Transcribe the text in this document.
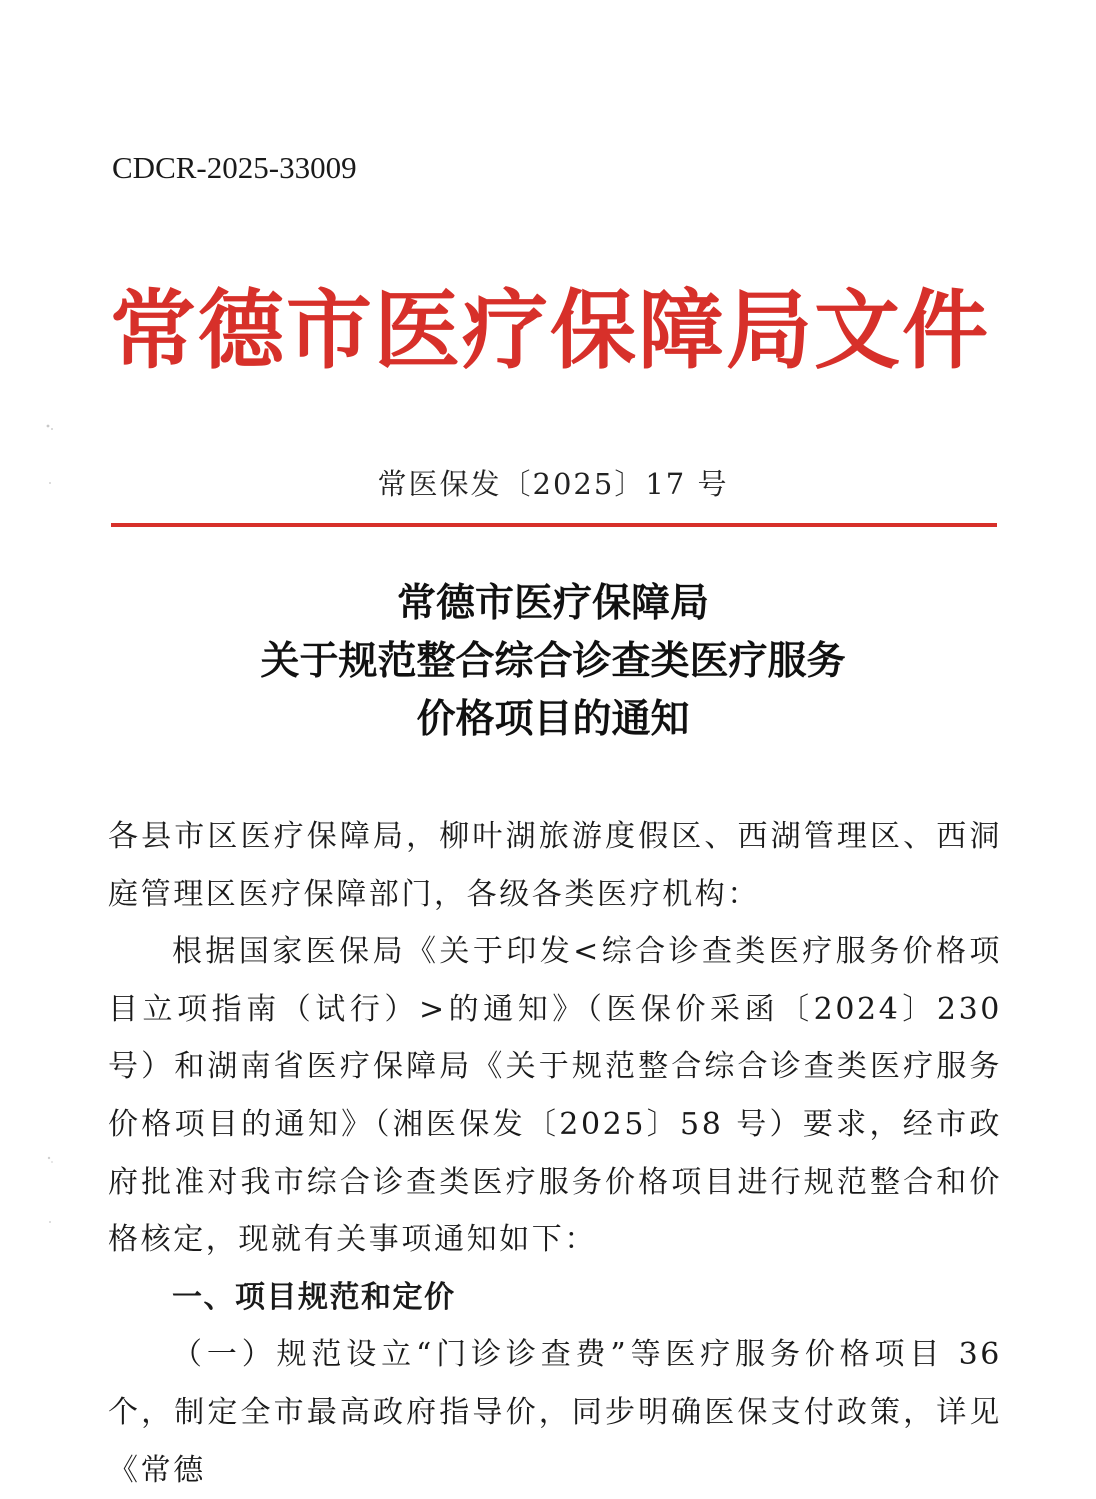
CDCR-2025-33009
常德市医疗保障局文件
常医保发〔2025〕17 号
常德市医疗保障局
关于规范整合综合诊查类医疗服务
价格项目的通知

各县市区医疗保障局，柳叶湖旅游度假区、西湖管理区、西洞庭管理区医疗保障部门，各级各类医疗机构：

根据国家医保局《关于印发<综合诊查类医疗服务价格项目立项指南（试行）>的通知》（医保价采函〔2024〕230 号）和湖南省医疗保障局《关于规范整合综合诊查类医疗服务价格项目的通知》（湘医保发〔2025〕58 号）要求，经市政府批准对我市综合诊查类医疗服务价格项目进行规范整合和价格核定，现就有关事项通知如下：

一、项目规范和定价

（一）规范设立“门诊诊查费”等医疗服务价格项目 36 个，制定全市最高政府指导价，同步明确医保支付政策，详见《常德
